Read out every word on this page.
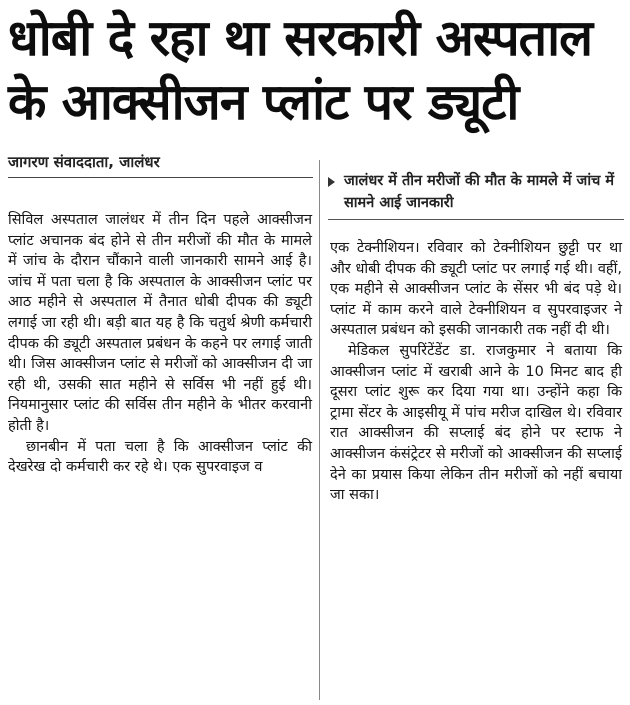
धोबी दे रहा था सरकारी अस्पताल
के आक्सीजन प्लांट पर ड्यूटी
जागरण संवाददाता, जालंधर
जालंधर में तीन मरीजों की मौत के मामले में जांच में सामने आई जानकारी

सिविल अस्पताल जालंधर में तीन दिन पहले आक्सीजन प्लांट अचानक बंद होने से तीन मरीजों की मौत के मामले में जांच के दौरान चौंकाने वाली जानकारी सामने आई है। जांच में पता चला है कि अस्पताल के आक्सीजन प्लांट पर आठ महीने से अस्पताल में तैनात धोबी दीपक की ड्यूटी लगाई जा रही थी। बड़ी बात यह है कि चतुर्थ श्रेणी कर्मचारी दीपक की ड्यूटी अस्पताल प्रबंधन के कहने पर लगाई जाती थी। जिस आक्सीजन प्लांट से मरीजों को आक्सीजन दी जा रही थी, उसकी सात महीने से सर्विस भी नहीं हुई थी। नियमानुसार प्लांट की सर्विस तीन महीने के भीतर करवानी होती है।

छानबीन में पता चला है कि आक्सीजन प्लांट की देखरेख दो कर्मचारी कर रहे थे। एक सुपरवाइज व

एक टेक्नीशियन। रविवार को टेक्नीशियन छुट्टी पर था और धोबी दीपक की ड्यूटी प्लांट पर लगाई गई थी। वहीं, एक महीने से आक्सीजन प्लांट के सेंसर भी बंद पड़े थे। प्लांट में काम करने वाले टेक्नीशियन व सुपरवाइजर ने अस्पताल प्रबंधन को इसकी जानकारी तक नहीं दी थी।

मेडिकल सुपरिंटेंडेंट डा. राजकुमार ने बताया कि आक्सीजन प्लांट में खराबी आने के 10 मिनट बाद ही दूसरा प्लांट शुरू कर दिया गया था। उन्होंने कहा कि ट्रामा सेंटर के आइसीयू में पांच मरीज दाखिल थे। रविवार रात आक्सीजन की सप्लाई बंद होने पर स्टाफ ने आक्सीजन कंसंट्रेटर से मरीजों को आक्सीजन की सप्लाई देने का प्रयास किया लेकिन तीन मरीजों को नहीं बचाया जा सका।
